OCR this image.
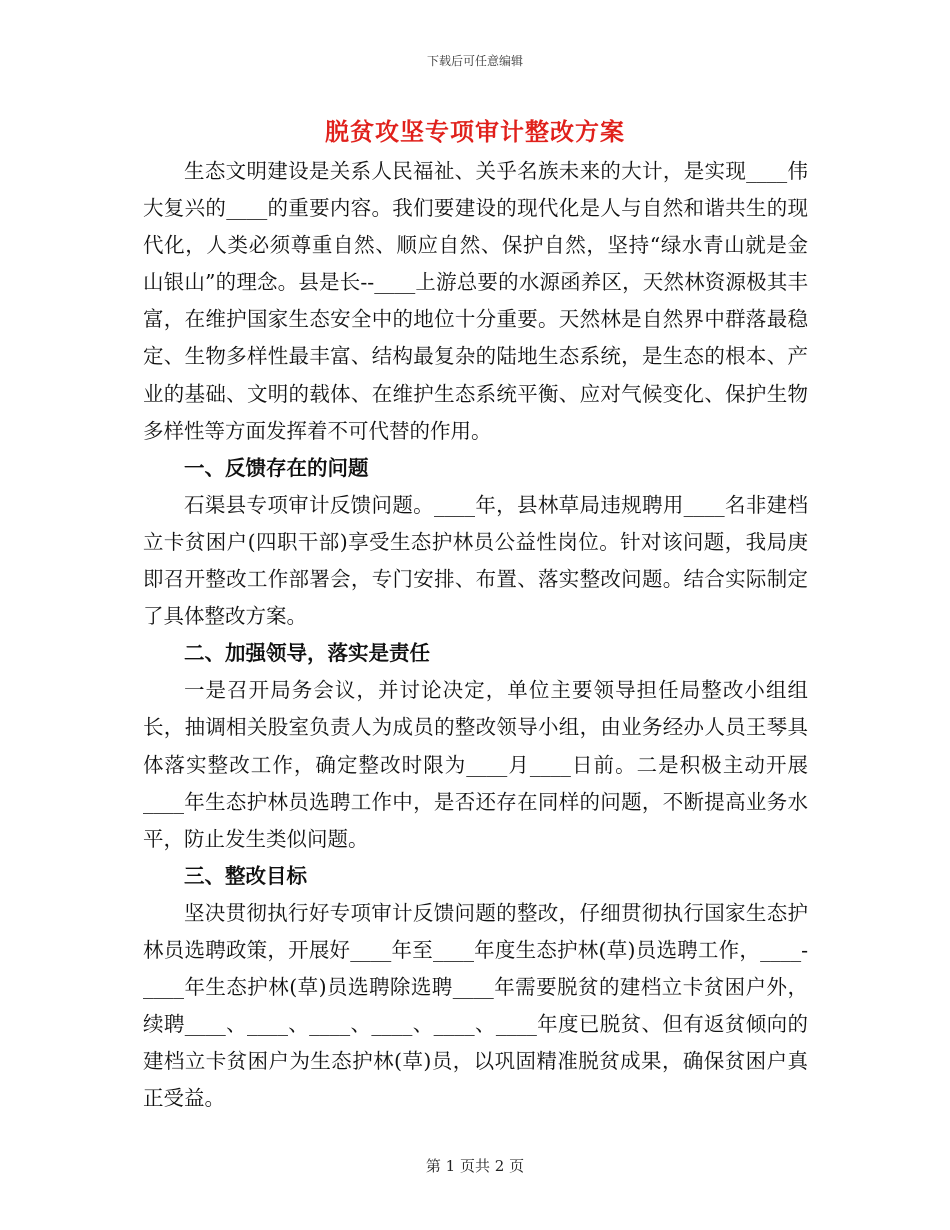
下载后可任意编辑
脱贫攻坚专项审计整改方案

生态文明建设是关系人民福祉、关乎名族未来的大计，是实现____伟大复兴的____的重要内容。我们要建设的现代化是人与自然和谐共生的现代化，人类必须尊重自然、顺应自然、保护自然，坚持“绿水青山就是金山银山”的理念。县是长--____上游总要的水源函养区，天然林资源极其丰富，在维护国家生态安全中的地位十分重要。天然林是自然界中群落最稳定、生物多样性最丰富、结构最复杂的陆地生态系统，是生态的根本、产业的基础、文明的载体、在维护生态系统平衡、应对气候变化、保护生物多样性等方面发挥着不可代替的作用。

一、反馈存在的问题

石渠县专项审计反馈问题。____年，县林草局违规聘用____名非建档立卡贫困户(四职干部)享受生态护林员公益性岗位。针对该问题，我局庚即召开整改工作部署会，专门安排、布置、落实整改问题。结合实际制定了具体整改方案。

二、加强领导，落实是责任

一是召开局务会议，并讨论决定，单位主要领导担任局整改小组组长，抽调相关股室负责人为成员的整改领导小组，由业务经办人员王琴具体落实整改工作，确定整改时限为____月____日前。二是积极主动开展____年生态护林员选聘工作中，是否还存在同样的问题，不断提高业务水平，防止发生类似问题。

三、整改目标

坚决贯彻执行好专项审计反馈问题的整改，仔细贯彻执行国家生态护林员选聘政策，开展好____年至____年度生态护林(草)员选聘工作，____-____年生态护林(草)员选聘除选聘____年需要脱贫的建档立卡贫困户外，续聘____、____、____、____、____、____年度已脱贫、但有返贫倾向的建档立卡贫困户为生态护林(草)员，以巩固精准脱贫成果，确保贫困户真正受益。

第 1 页共 2 页
